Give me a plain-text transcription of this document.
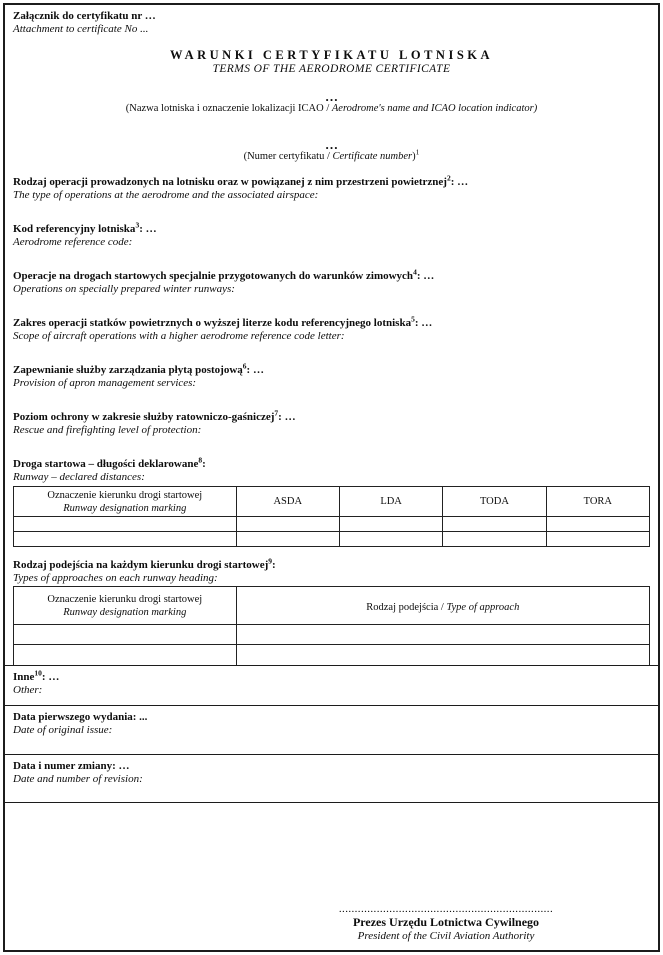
Załącznik do certyfikatu nr …
Attachment to certificate No ...
WARUNKI CERTYFIKATU LOTNISKA
TERMS OF THE AERODROME CERTIFICATE
…
(Nazwa lotniska i oznaczenie lokalizacji ICAO / Aerodrome's name and ICAO location indicator)
…
(Numer certyfikatu / Certificate number)$^1$
Rodzaj operacji prowadzonych na lotnisku oraz w powiązanej z nim przestrzeni powietrznej$^2$: …
The type of operations at the aerodrome and the associated airspace:
Kod referencyjny lotniska$^3$: …
Aerodrome reference code:
Operacje na drogach startowych specjalnie przygotowanych do warunków zimowych$^4$: …
Operations on specially prepared winter runways:
Zakres operacji statków powietrznych o wyższej literze kodu referencyjnego lotniska$^5$: …
Scope of aircraft operations with a higher aerodrome reference code letter:
Zapewnianie służby zarządzania płytą postojową$^6$: …
Provision of apron management services:
Poziom ochrony w zakresie służby ratowniczo-gaśniczej$^7$: …
Rescue and firefighting level of protection:
Droga startowa – długości deklarowane$^8$:
Runway – declared distances:
Oznaczenie kierunku drogi startowej
Runway designation marking	ASDA	LDA	TODA	TORA

Rodzaj podejścia na każdym kierunku drogi startowej$^9$:
Types of approaches on each runway heading:
Oznaczenie kierunku drogi startowej
Runway designation marking	Rodzaj podejścia / Type of approach

Inne$^{10}$: …
Other:
Data pierwszego wydania: ...
Date of original issue:
Data i numer zmiany: …
Date and number of revision:
....................................................................
Prezes Urzędu Lotnictwa Cywilnego
President of the Civil Aviation Authority
